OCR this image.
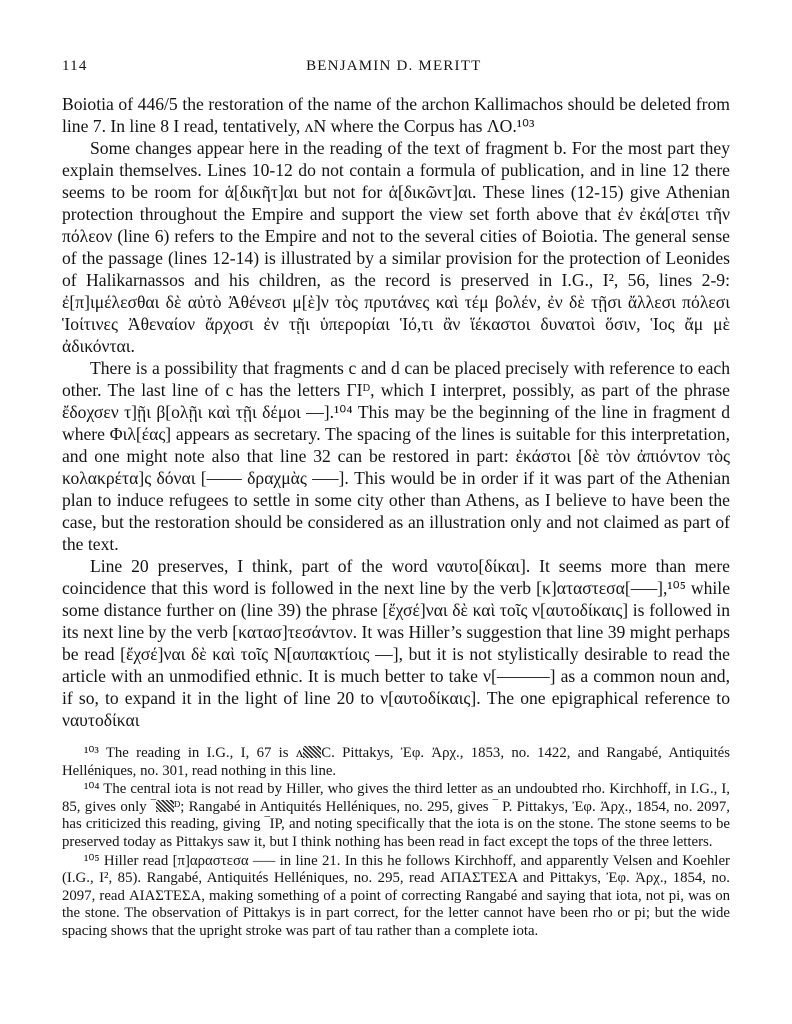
114	BENJAMIN D. MERITT

Boiotia of 446/5 the restoration of the name of the archon Kallimachos should be deleted from line 7. In line 8 I read, tentatively, ᴧN where the Corpus has ΛO.¹⁰³

Some changes appear here in the reading of the text of fragment b. For the most part they explain themselves. Lines 10-12 do not contain a formula of publication, and in line 12 there seems to be room for ἁ[δικῆτ]αι but not for ἁ[δικῶντ]αι. These lines (12-15) give Athenian protection throughout the Empire and support the view set forth above that ἐν ἐκά[στει τῆν πόλεον (line 6) refers to the Empire and not to the several cities of Boiotia. The general sense of the passage (lines 12-14) is illustrated by a similar provision for the protection of Leonides of Halikarnassos and his children, as the record is preserved in I.G., I², 56, lines 2-9: ἐ[π]ιμέλεσθαι δὲ αὐτὸ Ἀθένεσι μ[ὲ]ν τὸς πρυτάνες καὶ τέμ βολέν, ἐν δὲ τῇσι ἄλλεσι πόλεσι Ἱοίτινες Ἀθεναίον ἄρχοσι ἐν τῇι ὑπερορίαι Ἱό,τι ἂν ἵέκαστοι δυνατοὶ ὅσιν, Ἱος ἄμ μὲ ἀδικόνται.

There is a possibility that fragments c and d can be placed precisely with reference to each other. The last line of c has the letters ΓΙᴰ, which I interpret, possibly, as part of the phrase ἔδοχσεν τ]ῇι β[ολῇι καὶ τῇι δέμοι ––].¹⁰⁴ This may be the beginning of the line in fragment d where Φιλ[έας] appears as secretary. The spacing of the lines is suitable for this interpretation, and one might note also that line 32 can be restored in part: ἐκάστοι [δὲ τὸν ἀπιόντον τὸς κολακρέτα]ς δόναι [–––– δραχμὰς –––]. This would be in order if it was part of the Athenian plan to induce refugees to settle in some city other than Athens, as I believe to have been the case, but the restoration should be considered as an illustration only and not claimed as part of the text.

Line 20 preserves, I think, part of the word ναυτο[δίκαι]. It seems more than mere coincidence that this word is followed in the next line by the verb [κ]αταστεσα[–––],¹⁰⁵ while some distance further on (line 39) the phrase [ἔχσέ]ναι δὲ καὶ τοῖς ν[αυτοδίκαις] is followed in its next line by the verb [κατασ]τεσάντον. It was Hiller’s suggestion that line 39 might perhaps be read [ἔχσέ]ναι δὲ καὶ τοῖς N[αυπακτίοις ––], but it is not stylistically desirable to read the article with an unmodified ethnic. It is much better to take ν[––––––] as a common noun and, if so, to expand it in the light of line 20 to ν[αυτοδίκαις]. The one epigraphical reference to ναυτοδίκαι

¹⁰³ The reading in I.G., I, 67 is ᴧ C. Pittakys, Ἐφ. Ἀρχ., 1853, no. 1422, and Rangabé, Antiquités Helléniques, no. 301, read nothing in this line.

¹⁰⁴ The central iota is not read by Hiller, who gives the third letter as an undoubted rho. Kirchhoff, in I.G., I, 85, gives only ‾ ᴰ; Rangabé in Antiquités Helléniques, no. 295, gives ‾ P. Pittakys, Ἐφ. Ἀρχ., 1854, no. 2097, has criticized this reading, giving ‾IP, and noting specifically that the iota is on the stone. The stone seems to be preserved today as Pittakys saw it, but I think nothing has been read in fact except the tops of the three letters.

¹⁰⁵ Hiller read [π]αραστεσα ––– in line 21. In this he follows Kirchhoff, and apparently Velsen and Koehler (I.G., I², 85). Rangabé, Antiquités Helléniques, no. 295, read ΑΠΑΣΤΕΣΑ and Pittakys, Ἐφ. Ἀρχ., 1854, no. 2097, read ΑΙΑΣΤΕΣΑ, making something of a point of correcting Rangabé and saying that iota, not pi, was on the stone. The observation of Pittakys is in part correct, for the letter cannot have been rho or pi; but the wide spacing shows that the upright stroke was part of tau rather than a complete iota.
